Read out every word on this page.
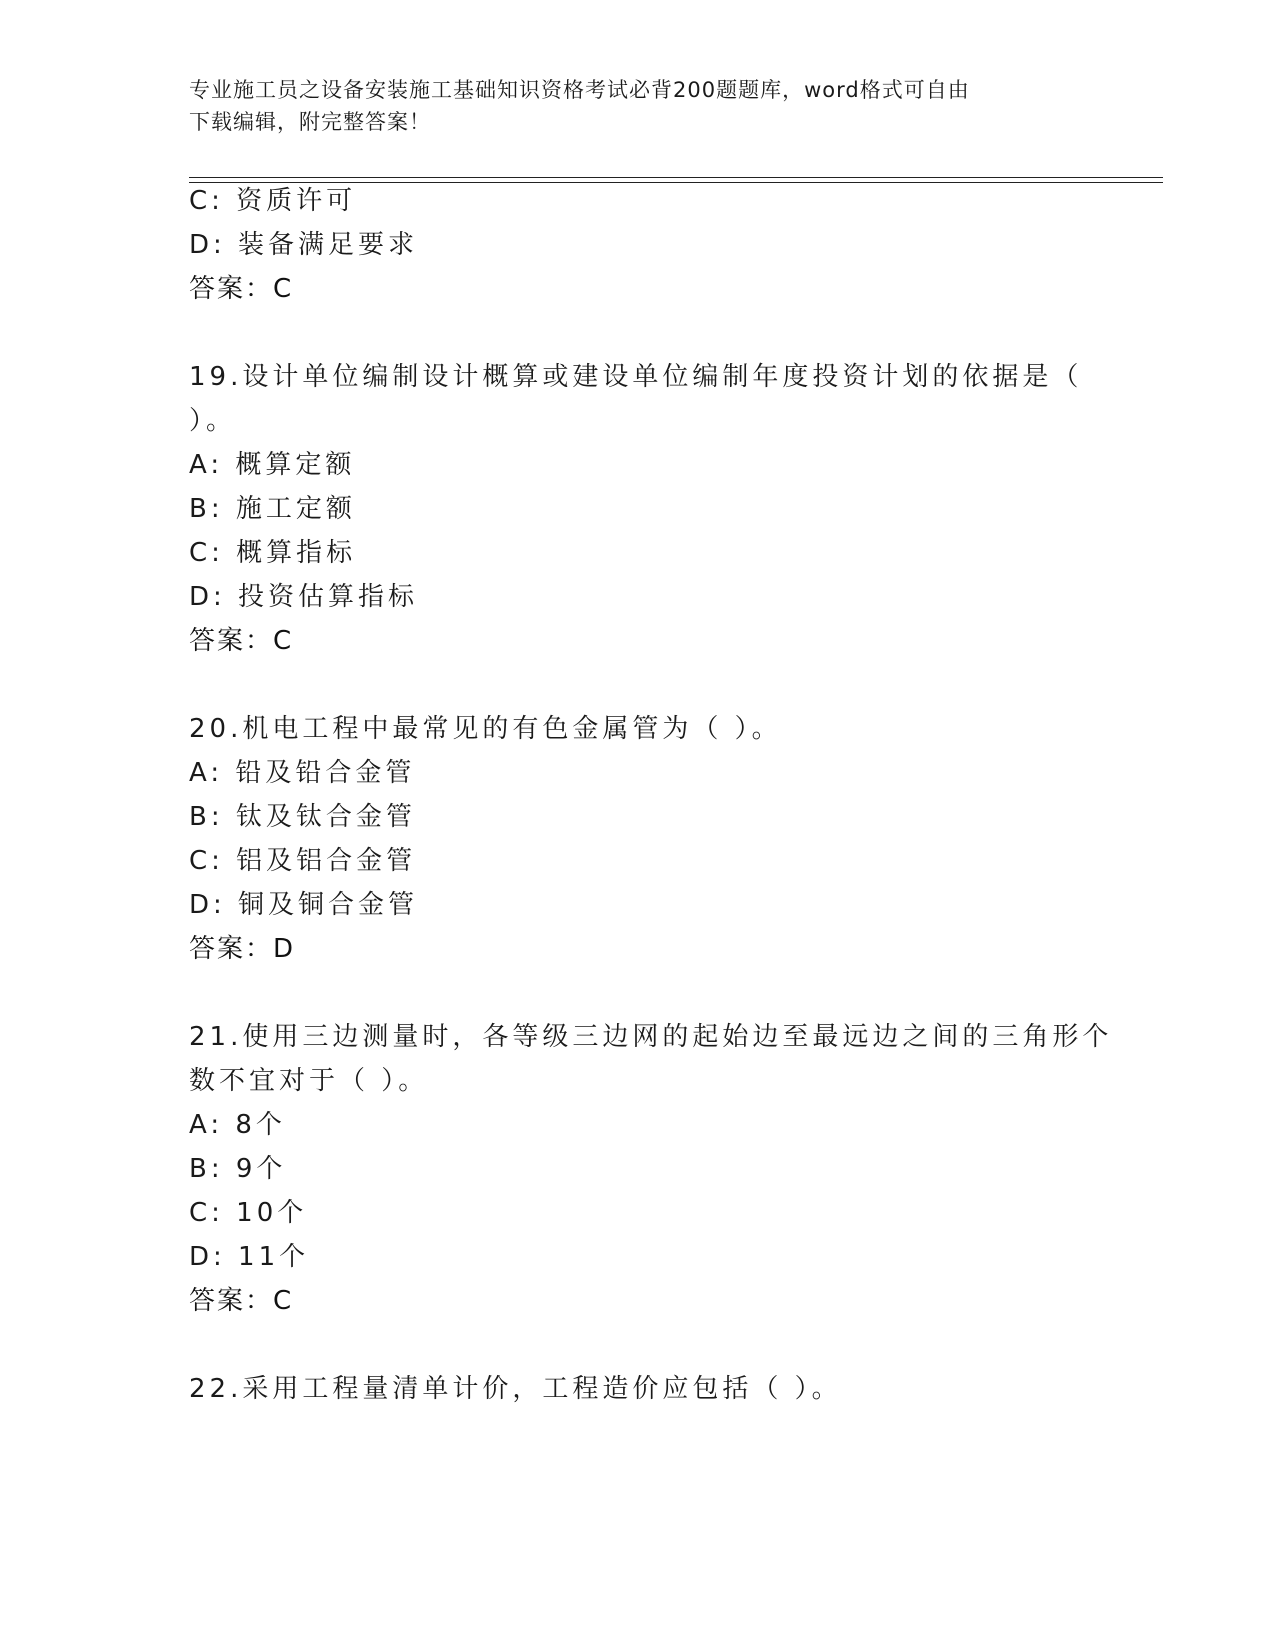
专业施工员之设备安装施工基础知识资格考试必背200题题库，word格式可自由
下载编辑，附完整答案！
C: 资质许可
D: 装备满足要求
答案：C
19.设计单位编制设计概算或建设单位编制年度投资计划的依据是（
）。
A: 概算定额
B: 施工定额
C: 概算指标
D: 投资估算指标
答案：C
20.机电工程中最常见的有色金属管为（ ）。
A: 铅及铅合金管
B: 钛及钛合金管
C: 铝及铝合金管
D: 铜及铜合金管
答案：D
21.使用三边测量时，各等级三边网的起始边至最远边之间的三角形个
数不宜对于（ ）。
A: 8个
B: 9个
C: 10个
D: 11个
答案：C
22.采用工程量清单计价，工程造价应包括（ ）。
